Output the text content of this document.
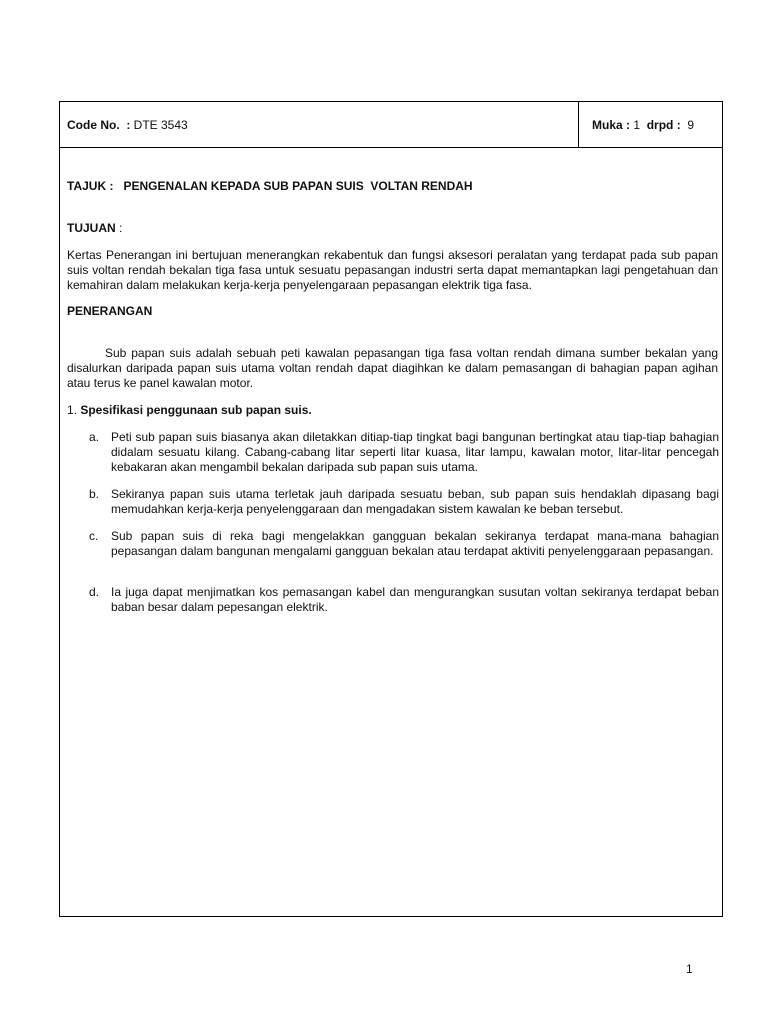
Code No.  : DTE 3543	Muka : 1 drpd : 9
TAJUK : PENGENALAN KEPADA SUB PAPAN SUIS  VOLTAN RENDAH
TUJUAN :
Kertas Penerangan ini bertujuan menerangkan rekabentuk dan fungsi aksesori peralatan yang terdapat pada sub papan suis voltan rendah bekalan tiga fasa untuk sesuatu pepasangan industri serta dapat memantapkan lagi pengetahuan dan kemahiran dalam melakukan kerja-kerja penyelengaraan pepasangan elektrik tiga fasa.
PENERANGAN
Sub papan suis adalah sebuah peti kawalan pepasangan tiga fasa voltan rendah dimana sumber bekalan yang disalurkan daripada papan suis utama voltan rendah dapat diagihkan ke dalam pemasangan di bahagian papan agihan atau terus ke panel kawalan motor.
1. Spesifikasi penggunaan sub papan suis.
a. Peti sub papan suis biasanya akan diletakkan ditiap-tiap tingkat bagi bangunan bertingkat atau tiap-tiap bahagian didalam sesuatu kilang. Cabang-cabang litar seperti litar kuasa, litar lampu, kawalan motor, litar-litar pencegah kebakaran akan mengambil bekalan daripada sub papan suis utama.
b. Sekiranya papan suis utama terletak jauh daripada sesuatu beban, sub papan suis hendaklah dipasang bagi memudahkan kerja-kerja penyelenggaraan dan mengadakan sistem kawalan ke beban tersebut.
c. Sub papan suis di reka bagi mengelakkan gangguan bekalan sekiranya terdapat mana-mana bahagian pepasangan dalam bangunan mengalami gangguan bekalan atau terdapat aktiviti penyelenggaraan pepasangan.
d. Ia juga dapat menjimatkan kos pemasangan kabel dan mengurangkan susutan voltan sekiranya terdapat beban baban besar dalam pepesangan elektrik.
1
